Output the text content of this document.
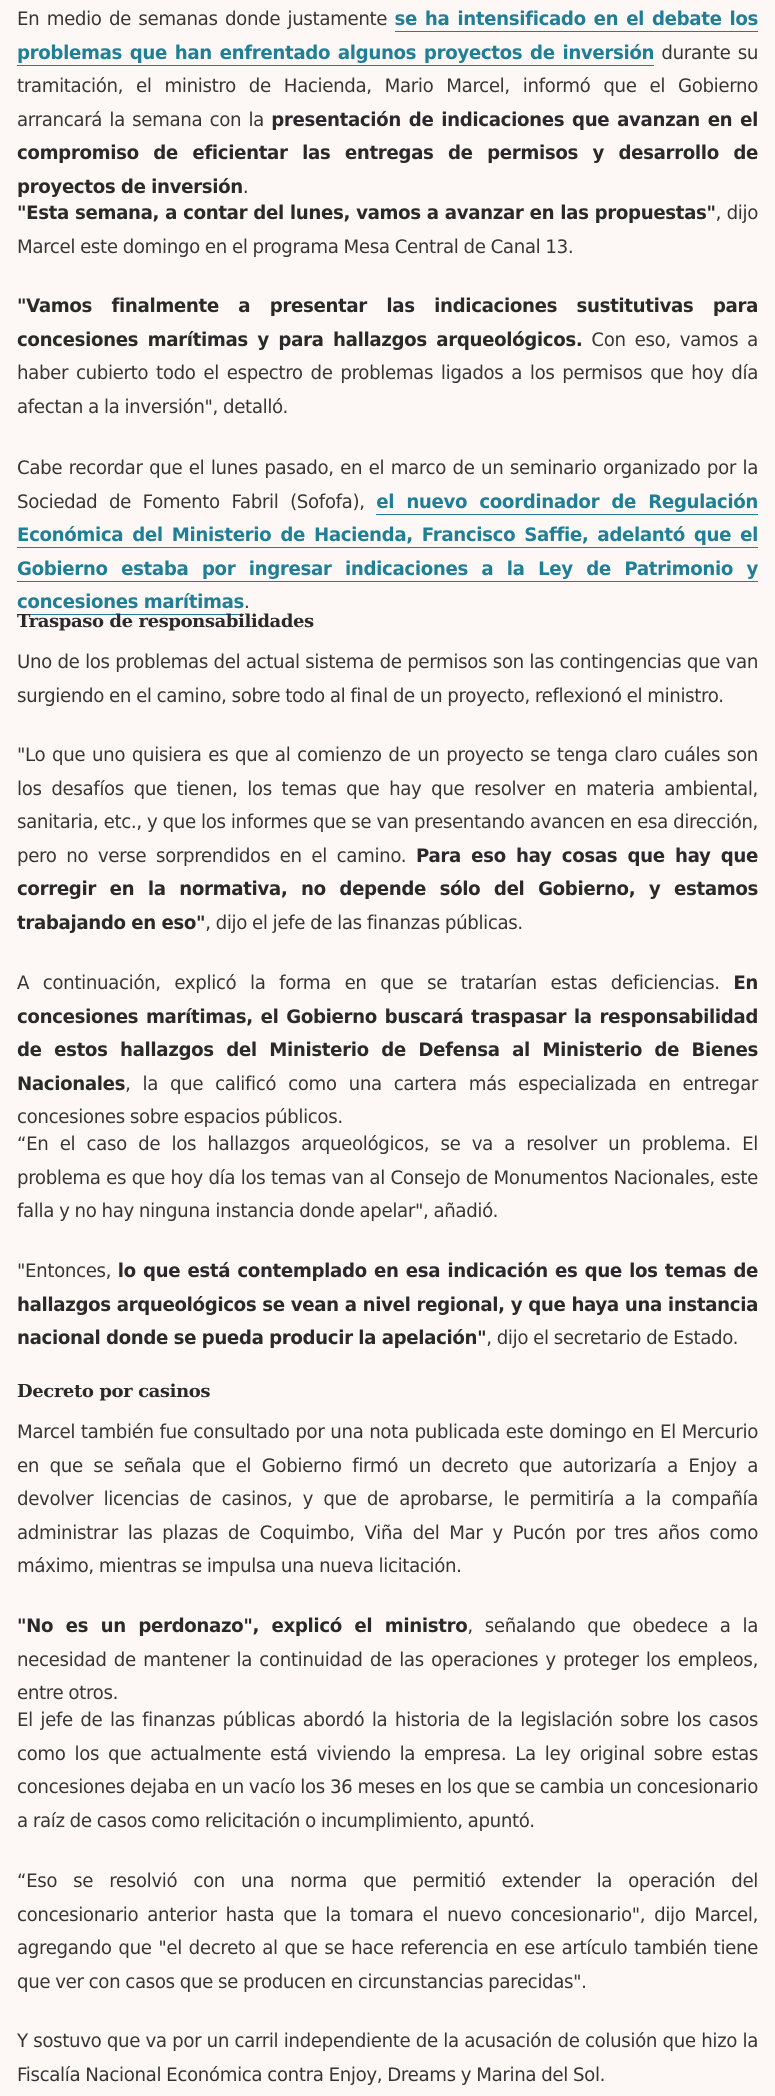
En medio de semanas donde justamente se ha intensificado en el debate los problemas que han enfrentado algunos proyectos de inversión durante su tramitación, el ministro de Hacienda, Mario Marcel, informó que el Gobierno arrancará la semana con la presentación de indicaciones que avanzan en el compromiso de eficientar las entregas de permisos y desarrollo de proyectos de inversión.

"Esta semana, a contar del lunes, vamos a avanzar en las propuestas", dijo Marcel este domingo en el programa Mesa Central de Canal 13.

"Vamos finalmente a presentar las indicaciones sustitutivas para concesiones marítimas y para hallazgos arqueológicos. Con eso, vamos a haber cubierto todo el espectro de problemas ligados a los permisos que hoy día afectan a la inversión", detalló.

Cabe recordar que el lunes pasado, en el marco de un seminario organizado por la Sociedad de Fomento Fabril (Sofofa), el nuevo coordinador de Regulación Económica del Ministerio de Hacienda, Francisco Saffie, adelantó que el Gobierno estaba por ingresar indicaciones a la Ley de Patrimonio y concesiones marítimas.

Traspaso de responsabilidades

Uno de los problemas del actual sistema de permisos son las contingencias que van surgiendo en el camino, sobre todo al final de un proyecto, reflexionó el ministro.

"Lo que uno quisiera es que al comienzo de un proyecto se tenga claro cuáles son los desafíos que tienen, los temas que hay que resolver en materia ambiental, sanitaria, etc., y que los informes que se van presentando avancen en esa dirección, pero no verse sorprendidos en el camino. Para eso hay cosas que hay que corregir en la normativa, no depende sólo del Gobierno, y estamos trabajando en eso", dijo el jefe de las finanzas públicas.

A continuación, explicó la forma en que se tratarían estas deficiencias. En concesiones marítimas, el Gobierno buscará traspasar la responsabilidad de estos hallazgos del Ministerio de Defensa al Ministerio de Bienes Nacionales, la que calificó como una cartera más especializada en entregar concesiones sobre espacios públicos.

“En el caso de los hallazgos arqueológicos, se va a resolver un problema. El problema es que hoy día los temas van al Consejo de Monumentos Nacionales, este falla y no hay ninguna instancia donde apelar", añadió.

"Entonces, lo que está contemplado en esa indicación es que los temas de hallazgos arqueológicos se vean a nivel regional, y que haya una instancia nacional donde se pueda producir la apelación", dijo el secretario de Estado.

Decreto por casinos

Marcel también fue consultado por una nota publicada este domingo en El Mercurio en que se señala que el Gobierno firmó un decreto que autorizaría a Enjoy a devolver licencias de casinos, y que de aprobarse, le permitiría a la compañía administrar las plazas de Coquimbo, Viña del Mar y Pucón por tres años como máximo, mientras se impulsa una nueva licitación.

"No es un perdonazo", explicó el ministro, señalando que obedece a la necesidad de mantener la continuidad de las operaciones y proteger los empleos, entre otros.

El jefe de las finanzas públicas abordó la historia de la legislación sobre los casos como los que actualmente está viviendo la empresa. La ley original sobre estas concesiones dejaba en un vacío los 36 meses en los que se cambia un concesionario a raíz de casos como relicitación o incumplimiento, apuntó.

“Eso se resolvió con una norma que permitió extender la operación del concesionario anterior hasta que la tomara el nuevo concesionario", dijo Marcel, agregando que "el decreto al que se hace referencia en ese artículo también tiene que ver con casos que se producen en circunstancias parecidas".

Y sostuvo que va por un carril independiente de la acusación de colusión que hizo la Fiscalía Nacional Económica contra Enjoy, Dreams y Marina del Sol.
